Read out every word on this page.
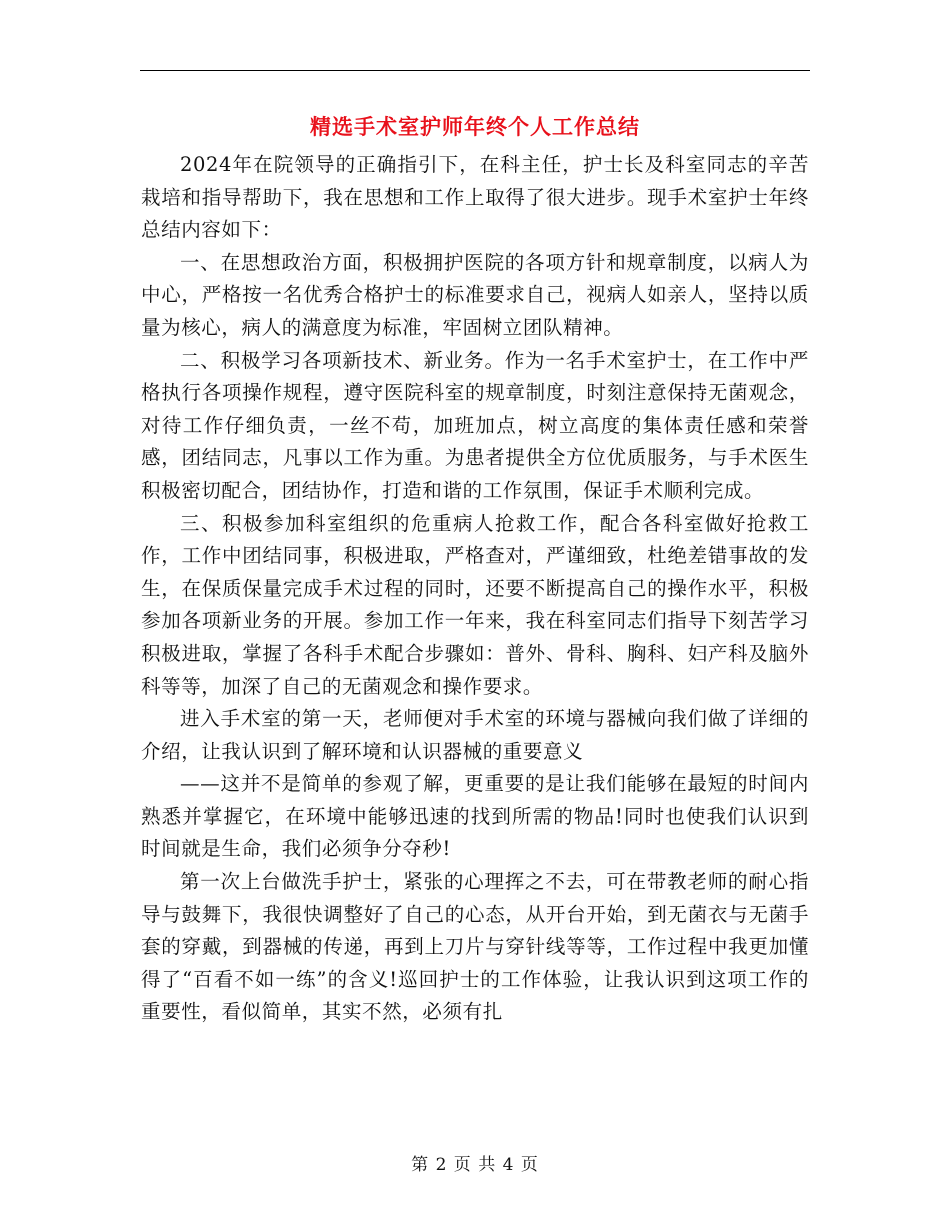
精选手术室护师年终个人工作总结

2024年在院领导的正确指引下，在科主任，护士长及科室同志的辛苦栽培和指导帮助下，我在思想和工作上取得了很大进步。现手术室护士年终总结内容如下：

一、在思想政治方面，积极拥护医院的各项方针和规章制度，以病人为中心，严格按一名优秀合格护士的标准要求自己，视病人如亲人，坚持以质量为核心，病人的满意度为标准，牢固树立团队精神。

二、积极学习各项新技术、新业务。作为一名手术室护士，在工作中严格执行各项操作规程，遵守医院科室的规章制度，时刻注意保持无菌观念，对待工作仔细负责，一丝不苟，加班加点，树立高度的集体责任感和荣誉感，团结同志，凡事以工作为重。为患者提供全方位优质服务，与手术医生积极密切配合，团结协作，打造和谐的工作氛围，保证手术顺利完成。

三、积极参加科室组织的危重病人抢救工作，配合各科室做好抢救工作，工作中团结同事，积极进取，严格查对，严谨细致，杜绝差错事故的发生，在保质保量完成手术过程的同时，还要不断提高自己的操作水平，积极参加各项新业务的开展。参加工作一年来，我在科室同志们指导下刻苦学习积极进取，掌握了各科手术配合步骤如：普外、骨科、胸科、妇产科及脑外科等等，加深了自己的无菌观念和操作要求。

进入手术室的第一天，老师便对手术室的环境与器械向我们做了详细的介绍，让我认识到了解环境和认识器械的重要意义

——这并不是简单的参观了解，更重要的是让我们能够在最短的时间内熟悉并掌握它，在环境中能够迅速的找到所需的物品!同时也使我们认识到时间就是生命，我们必须争分夺秒!

第一次上台做洗手护士，紧张的心理挥之不去，可在带教老师的耐心指导与鼓舞下，我很快调整好了自己的心态，从开台开始，到无菌衣与无菌手套的穿戴，到器械的传递，再到上刀片与穿针线等等，工作过程中我更加懂得了“百看不如一练”的含义!巡回护士的工作体验，让我认识到这项工作的重要性，看似简单，其实不然，必须有扎

第 2 页 共 4 页
